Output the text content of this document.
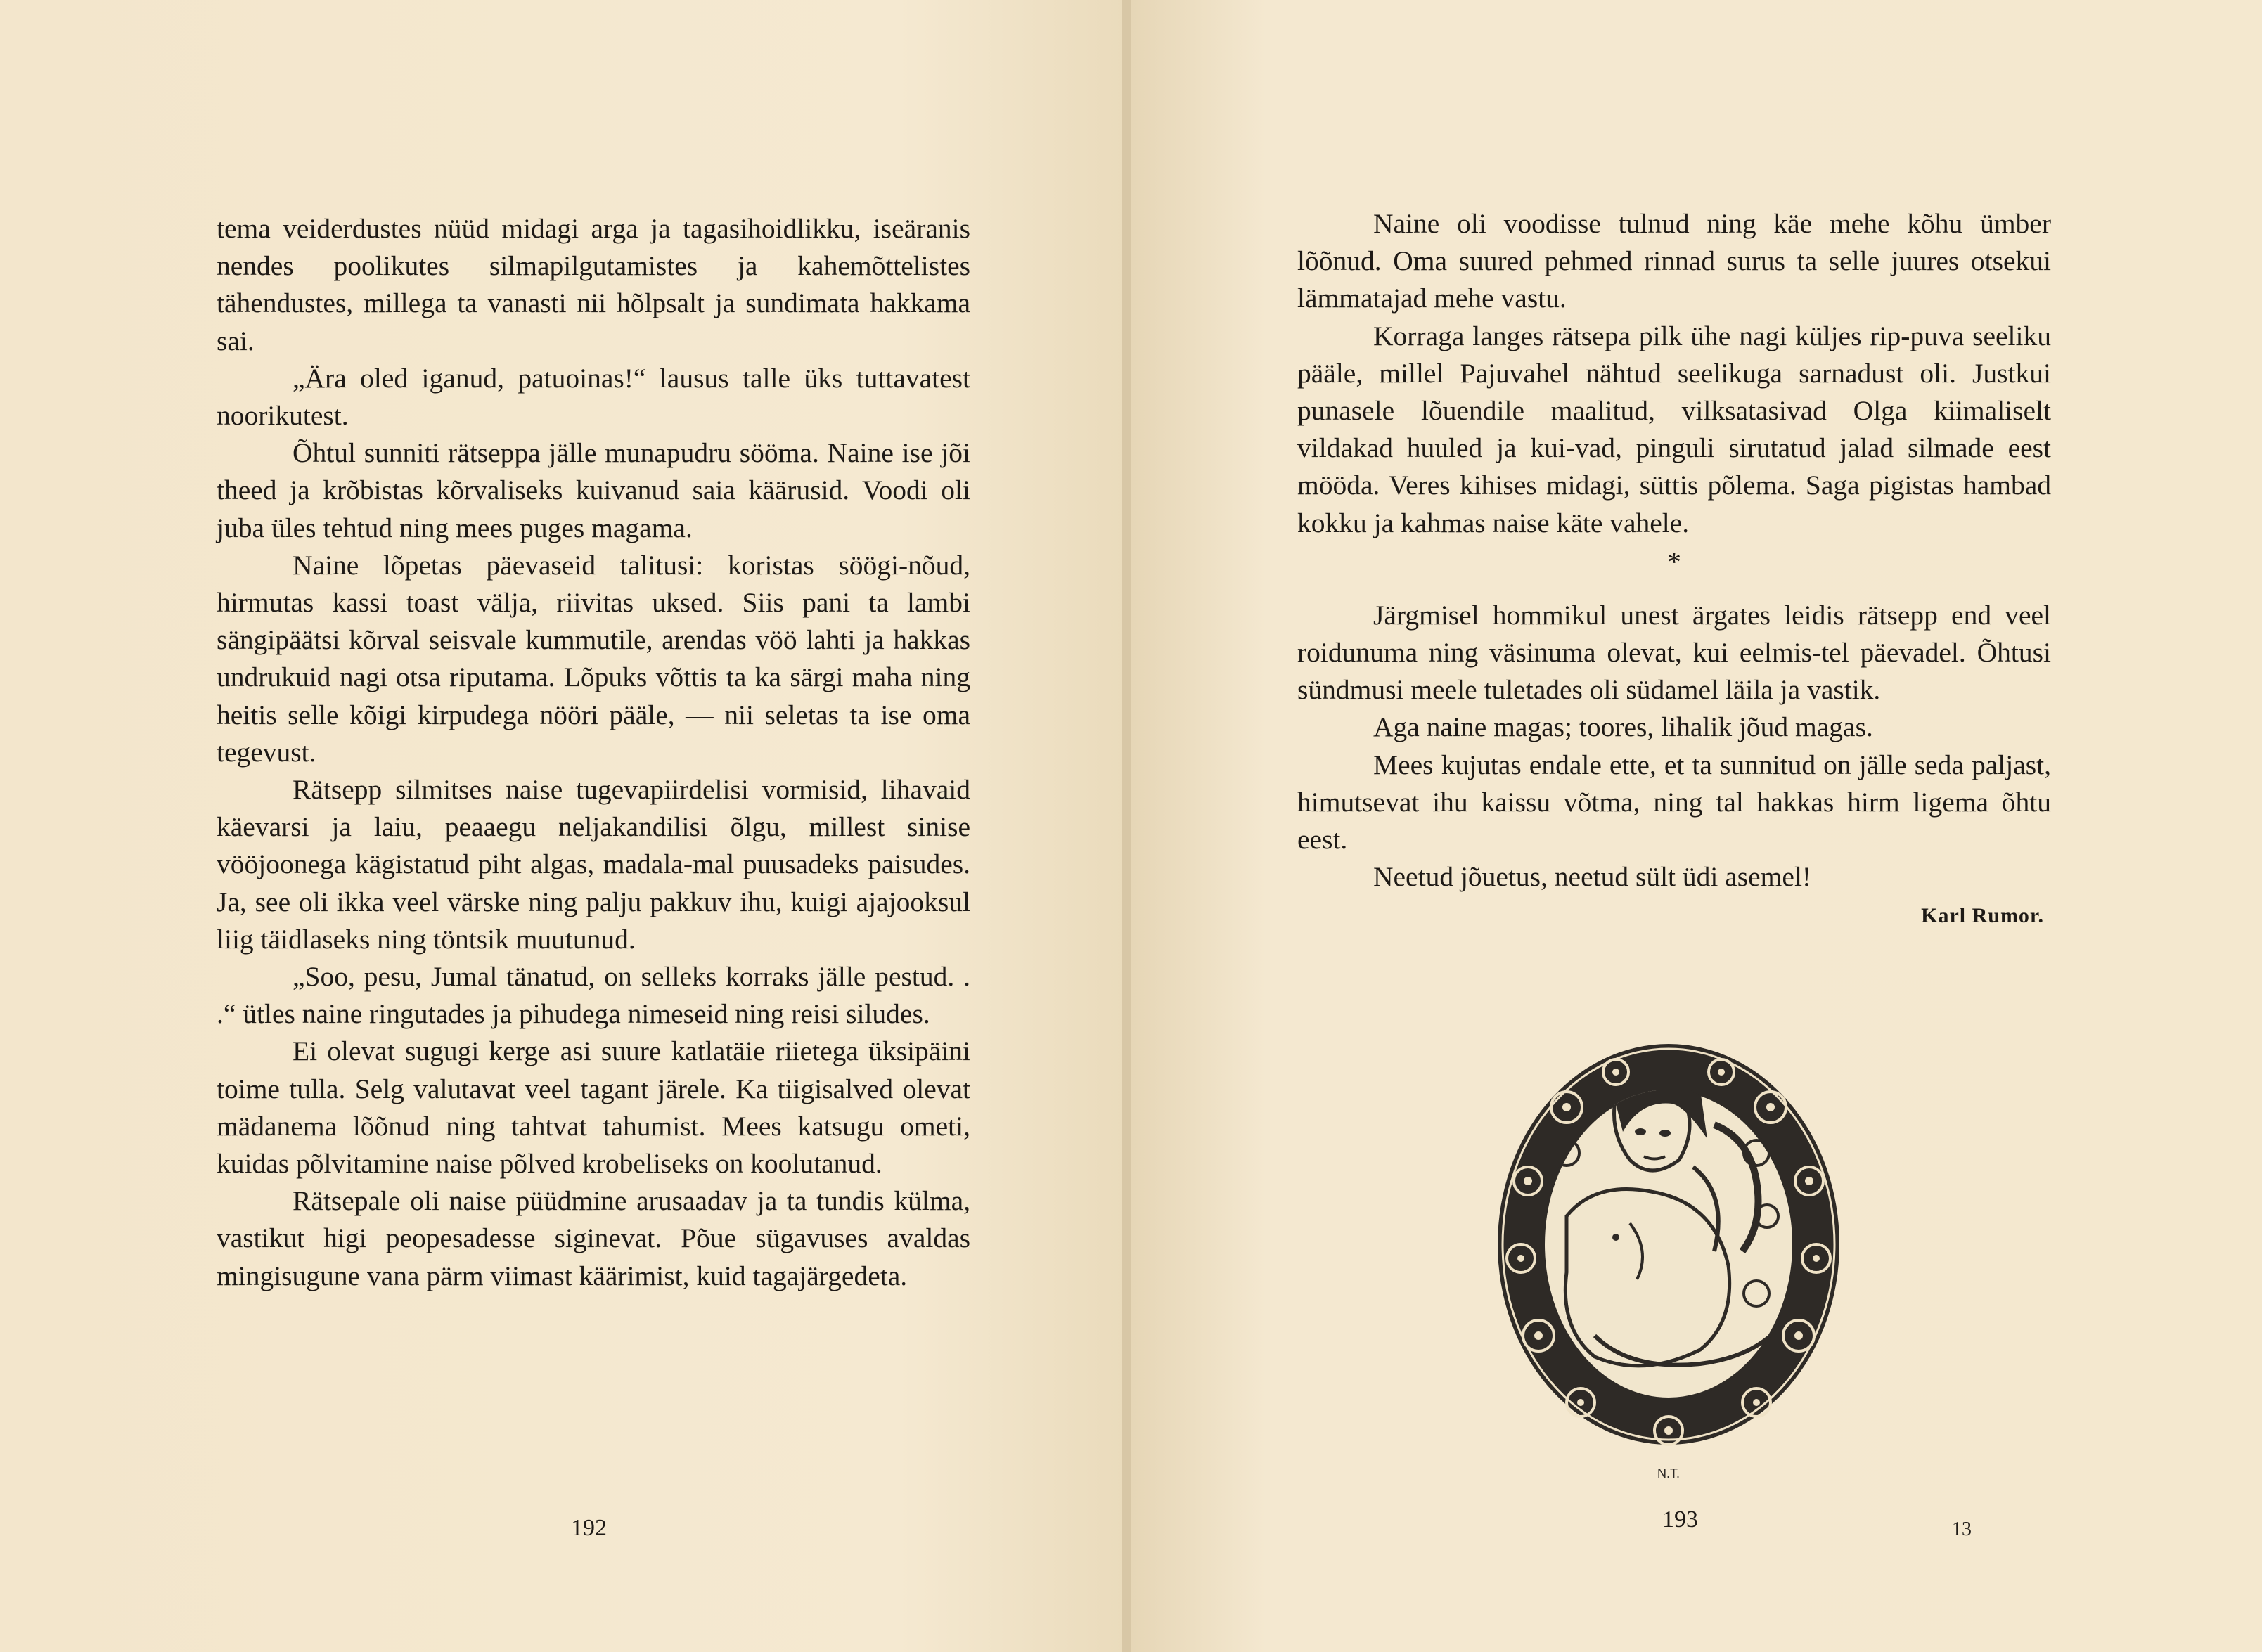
tema veiderdustes nüüd midagi arga ja tagasihoidlikku, iseäranis nendes poolikutes silmapilgutamistes ja kahemõttelistes tähendustes, millega ta vanasti nii hõlpsalt ja sundimata hakkama sai.

„Ära oled iganud, patuoinas!“ lausus talle üks tuttavatest noorikutest.

Õhtul sunniti rätseppa jälle munapudru sööma. Naine ise jõi theed ja krõbistas kõrvaliseks kuivanud saia käärusid. Voodi oli juba üles tehtud ning mees puges magama.

Naine lõpetas päevaseid talitusi: koristas söögi-nõud, hirmutas kassi toast välja, riivitas uksed. Siis pani ta lambi sängipäätsi kõrval seisvale kummutile, arendas vöö lahti ja hakkas undrukuid nagi otsa riputama. Lõpuks võttis ta ka särgi maha ning heitis selle kõigi kirpudega nööri pääle, — nii seletas ta ise oma tegevust.

Rätsepp silmitses naise tugevapiirdelisi vormisid, lihavaid käevarsi ja laiu, peaaegu neljakandilisi õlgu, millest sinise vööjoonega kägistatud piht algas, madala-mal puusadeks paisudes. Ja, see oli ikka veel värske ning palju pakkuv ihu, kuigi ajajooksul liig täidlaseks ning töntsik muutunud.

„Soo, pesu, Jumal tänatud, on selleks korraks jälle pestud. . .“ ütles naine ringutades ja pihudega nimeseid ning reisi siludes.

Ei olevat sugugi kerge asi suure katlatäie riietega üksipäini toime tulla. Selg valutavat veel tagant järele. Ka tiigisalved olevat mädanema lõõnud ning tahtvat tahumist. Mees katsugu ometi, kuidas põlvitamine naise põlved krobeliseks on koolutanud.

Rätsepale oli naise püüdmine arusaadav ja ta tundis külma, vastikut higi peopesadesse siginevat. Põue sügavuses avaldas mingisugune vana pärm viimast käärimist, kuid tagajärgedeta.

192

Naine oli voodisse tulnud ning käe mehe kõhu ümber lõõnud. Oma suured pehmed rinnad surus ta selle juures otsekui lämmatajad mehe vastu.

Korraga langes rätsepa pilk ühe nagi küljes rip-puva seeliku pääle, millel Pajuvahel nähtud seelikuga sarnadust oli. Justkui punasele lõuendile maalitud, vilksatasivad Olga kiimaliselt vildakad huuled ja kui-vad, pinguli sirutatud jalad silmade eest mööda. Veres kihises midagi, süttis põlema. Saga pigistas hambad kokku ja kahmas naise käte vahele.

*

Järgmisel hommikul unest ärgates leidis rätsepp end veel roidunuma ning väsinuma olevat, kui eelmis-tel päevadel. Õhtusi sündmusi meele tuletades oli südamel läila ja vastik.

Aga naine magas; toores, lihalik jõud magas.

Mees kujutas endale ette, et ta sunnitud on jälle seda paljast, himutsevat ihu kaissu võtma, ning tal hakkas hirm ligema õhtu eest.

Neetud jõuetus, neetud sült üdi asemel!

Karl Rumor.
N.T.
193	13
